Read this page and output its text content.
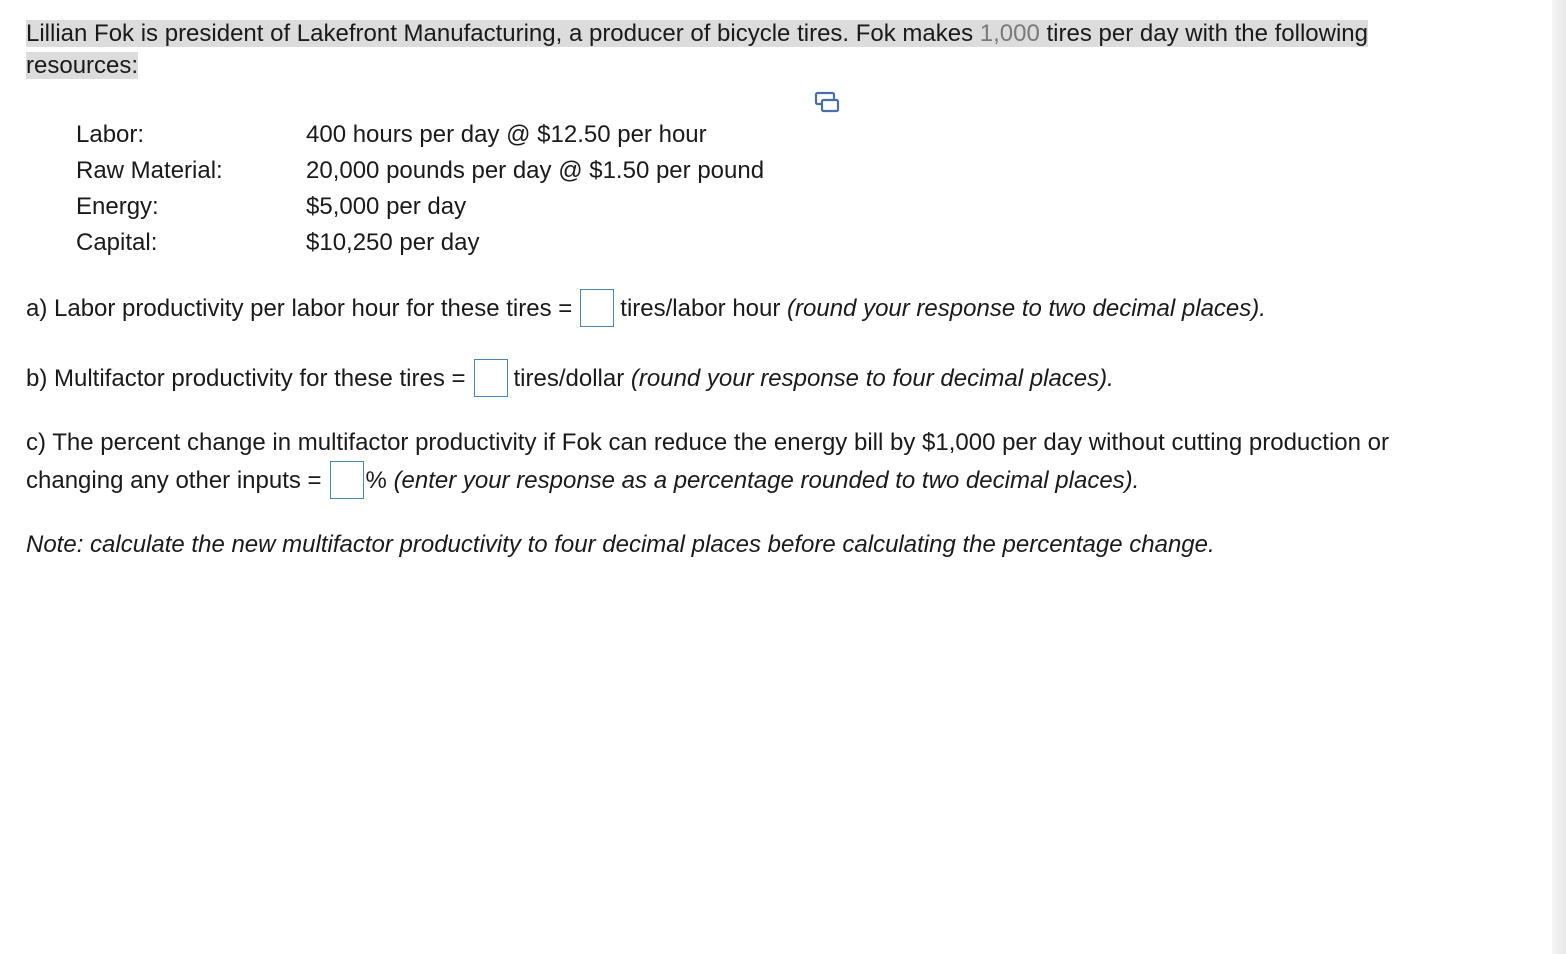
Lillian Fok is president of Lakefront Manufacturing, a producer of bicycle tires. Fok makes 1,000 tires per day with the following
resources:
Labor:	400 hours per day @ $12.50 per hour
Raw Material:	20,000 pounds per day @ $1.50 per pound
Energy:	$5,000 per day
Capital:	$10,250 per day
a) Labor productivity per labor hour for these tires = tires/labor hour (round your response to two decimal places).
b) Multifactor productivity for these tires = tires/dollar (round your response to four decimal places).
c) The percent change in multifactor productivity if Fok can reduce the energy bill by $1,000 per day without cutting production or
changing any other inputs = % (enter your response as a percentage rounded to two decimal places).
Note: calculate the new multifactor productivity to four decimal places before calculating the percentage change.
